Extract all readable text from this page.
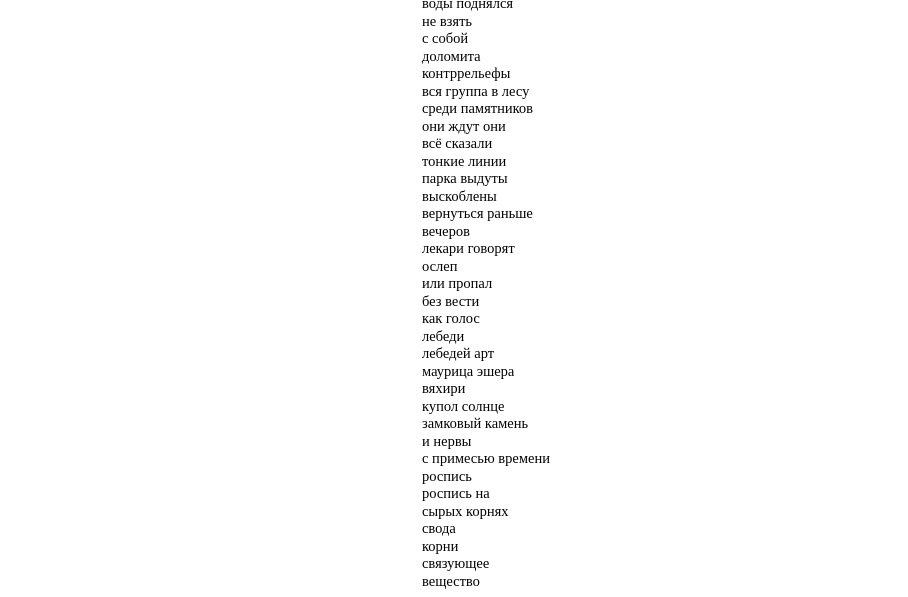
воды поднялся
не взять
с собой
доломита
контррельефы
вся группа в лесу
среди памятников
они ждут они
всё сказали
тонкие линии
парка выдуты
выскоблены
вернуться раньше
вечеров
лекари говорят
ослеп
или пропал
без вести
как голос
лебеди
лебедей арт
маурица эшера
вяхири
купол солнце
замковый камень
и нервы
с примесью времени
роспись
роспись на
сырых корнях
свода
корни
связующее
вещество
